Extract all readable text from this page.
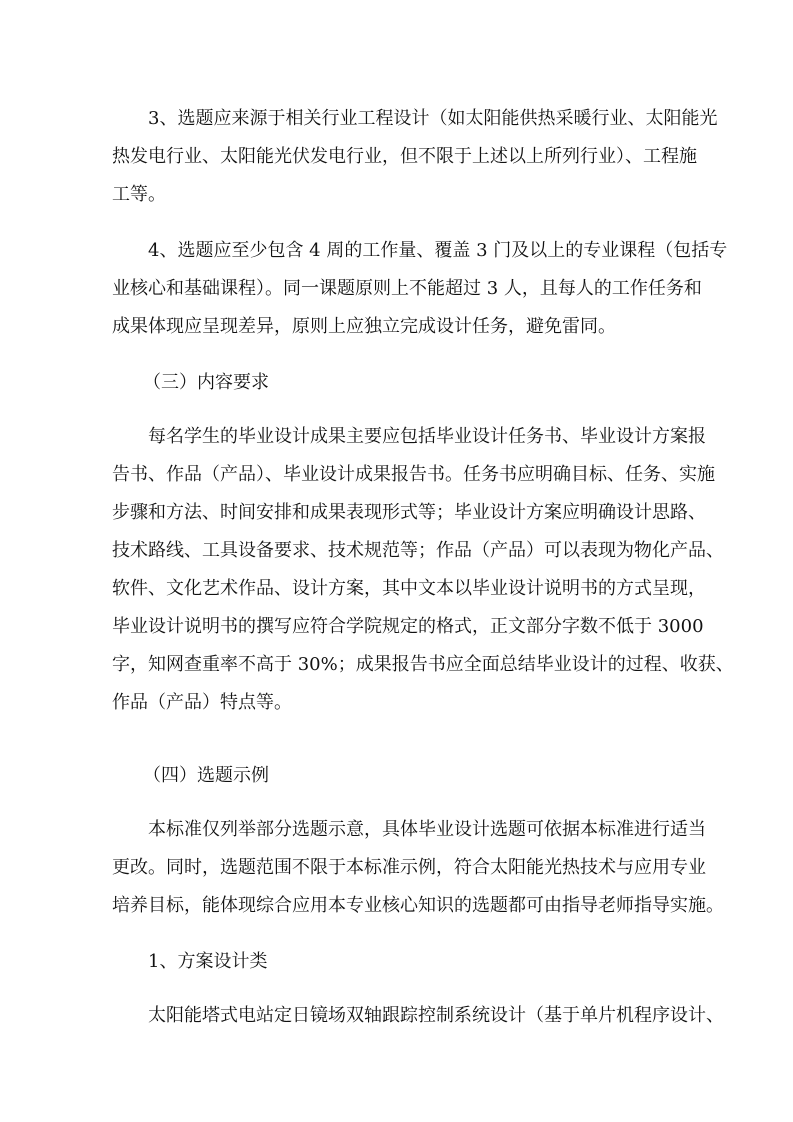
3、选题应来源于相关行业工程设计（如太阳能供热采暖行业、太阳能光
热发电行业、太阳能光伏发电行业，但不限于上述以上所列行业）、工程施
工等。

4、选题应至少包含 4 周的工作量、覆盖 3 门及以上的专业课程（包括专
业核心和基础课程）。同一课题原则上不能超过 3 人，且每人的工作任务和
成果体现应呈现差异，原则上应独立完成设计任务，避免雷同。

（三）内容要求

每名学生的毕业设计成果主要应包括毕业设计任务书、毕业设计方案报
告书、作品（产品）、毕业设计成果报告书。任务书应明确目标、任务、实施
步骤和方法、时间安排和成果表现形式等；毕业设计方案应明确设计思路、
技术路线、工具设备要求、技术规范等；作品（产品）可以表现为物化产品、
软件、文化艺术作品、设计方案，其中文本以毕业设计说明书的方式呈现，
毕业设计说明书的撰写应符合学院规定的格式，正文部分字数不低于 3000
字，知网查重率不高于 30%；成果报告书应全面总结毕业设计的过程、收获、
作品（产品）特点等。

（四）选题示例

本标准仅列举部分选题示意，具体毕业设计选题可依据本标准进行适当
更改。同时，选题范围不限于本标准示例，符合太阳能光热技术与应用专业
培养目标，能体现综合应用本专业核心知识的选题都可由指导老师指导实施。

1、方案设计类

太阳能塔式电站定日镜场双轴跟踪控制系统设计（基于单片机程序设计、
